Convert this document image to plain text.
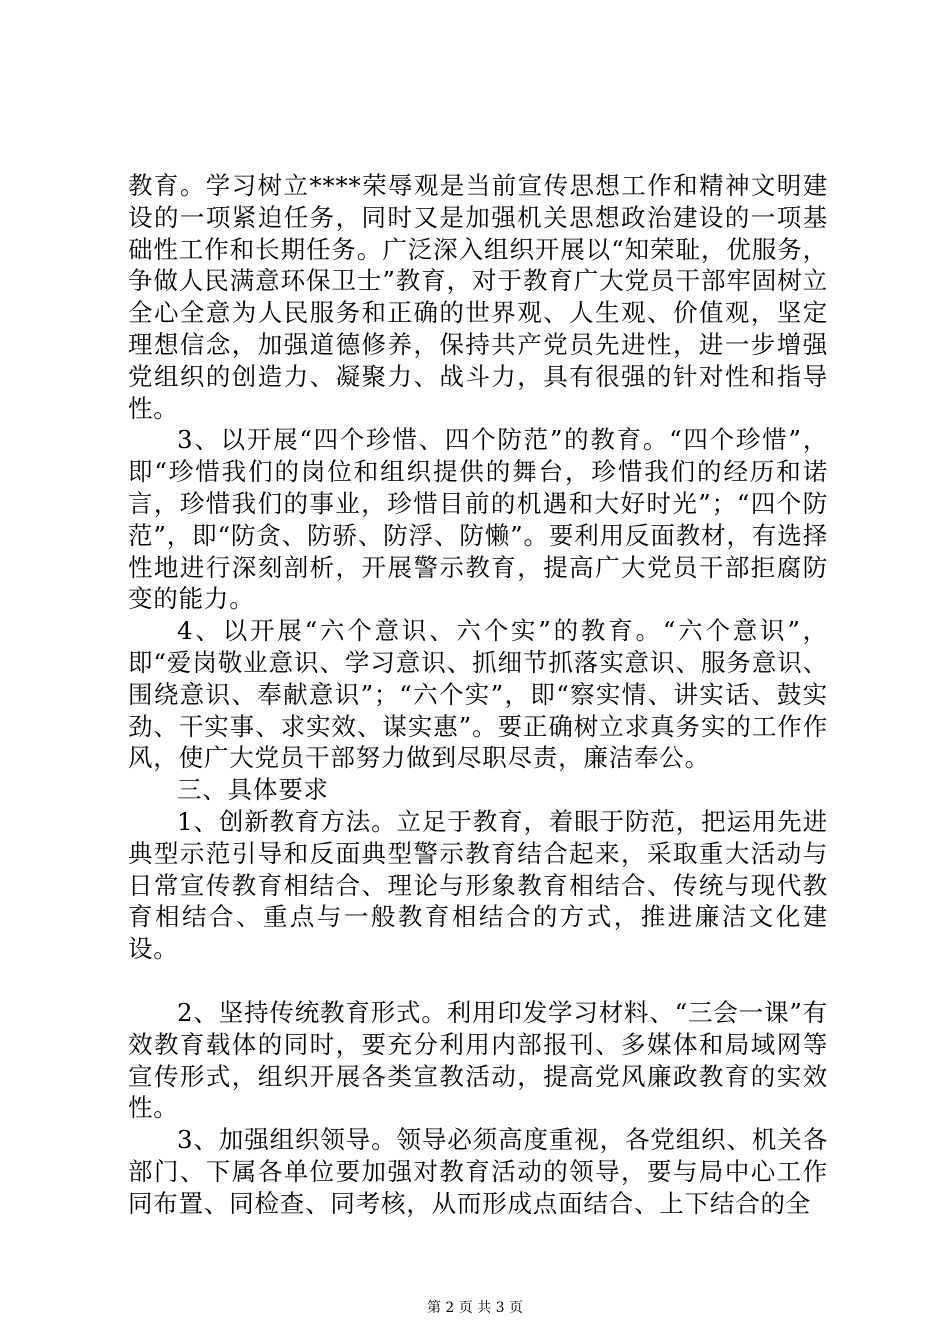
教育。学习树立****荣辱观是当前宣传思想工作和精神文明建设的一项紧迫任务，同时又是加强机关思想政治建设的一项基础性工作和长期任务。广泛深入组织开展以“知荣耻，优服务，争做人民满意环保卫士”教育，对于教育广大党员干部牢固树立全心全意为人民服务和正确的世界观、人生观、价值观，坚定理想信念，加强道德修养，保持共产党员先进性，进一步增强党组织的创造力、凝聚力、战斗力，具有很强的针对性和指导性。

3、以开展“四个珍惜、四个防范”的教育。“四个珍惜”，即“珍惜我们的岗位和组织提供的舞台，珍惜我们的经历和诺言，珍惜我们的事业，珍惜目前的机遇和大好时光”；“四个防范”，即“防贪、防骄、防浮、防懒”。要利用反面教材，有选择性地进行深刻剖析，开展警示教育，提高广大党员干部拒腐防变的能力。

4、以开展“六个意识、六个实”的教育。“六个意识”，即“爱岗敬业意识、学习意识、抓细节抓落实意识、服务意识、围绕意识、奉献意识”；“六个实”，即“察实情、讲实话、鼓实劲、干实事、求实效、谋实惠”。要正确树立求真务实的工作作风，使广大党员干部努力做到尽职尽责，廉洁奉公。

三、具体要求

1、创新教育方法。立足于教育，着眼于防范，把运用先进典型示范引导和反面典型警示教育结合起来，采取重大活动与日常宣传教育相结合、理论与形象教育相结合、传统与现代教育相结合、重点与一般教育相结合的方式，推进廉洁文化建设。

2、坚持传统教育形式。利用印发学习材料、“三会一课”有效教育载体的同时，要充分利用内部报刊、多媒体和局域网等宣传形式，组织开展各类宣教活动，提高党风廉政教育的实效性。

3、加强组织领导。领导必须高度重视，各党组织、机关各部门、下属各单位要加强对教育活动的领导，要与局中心工作同布置、同检查、同考核，从而形成点面结合、上下结合的全

第 2 页 共 3 页
